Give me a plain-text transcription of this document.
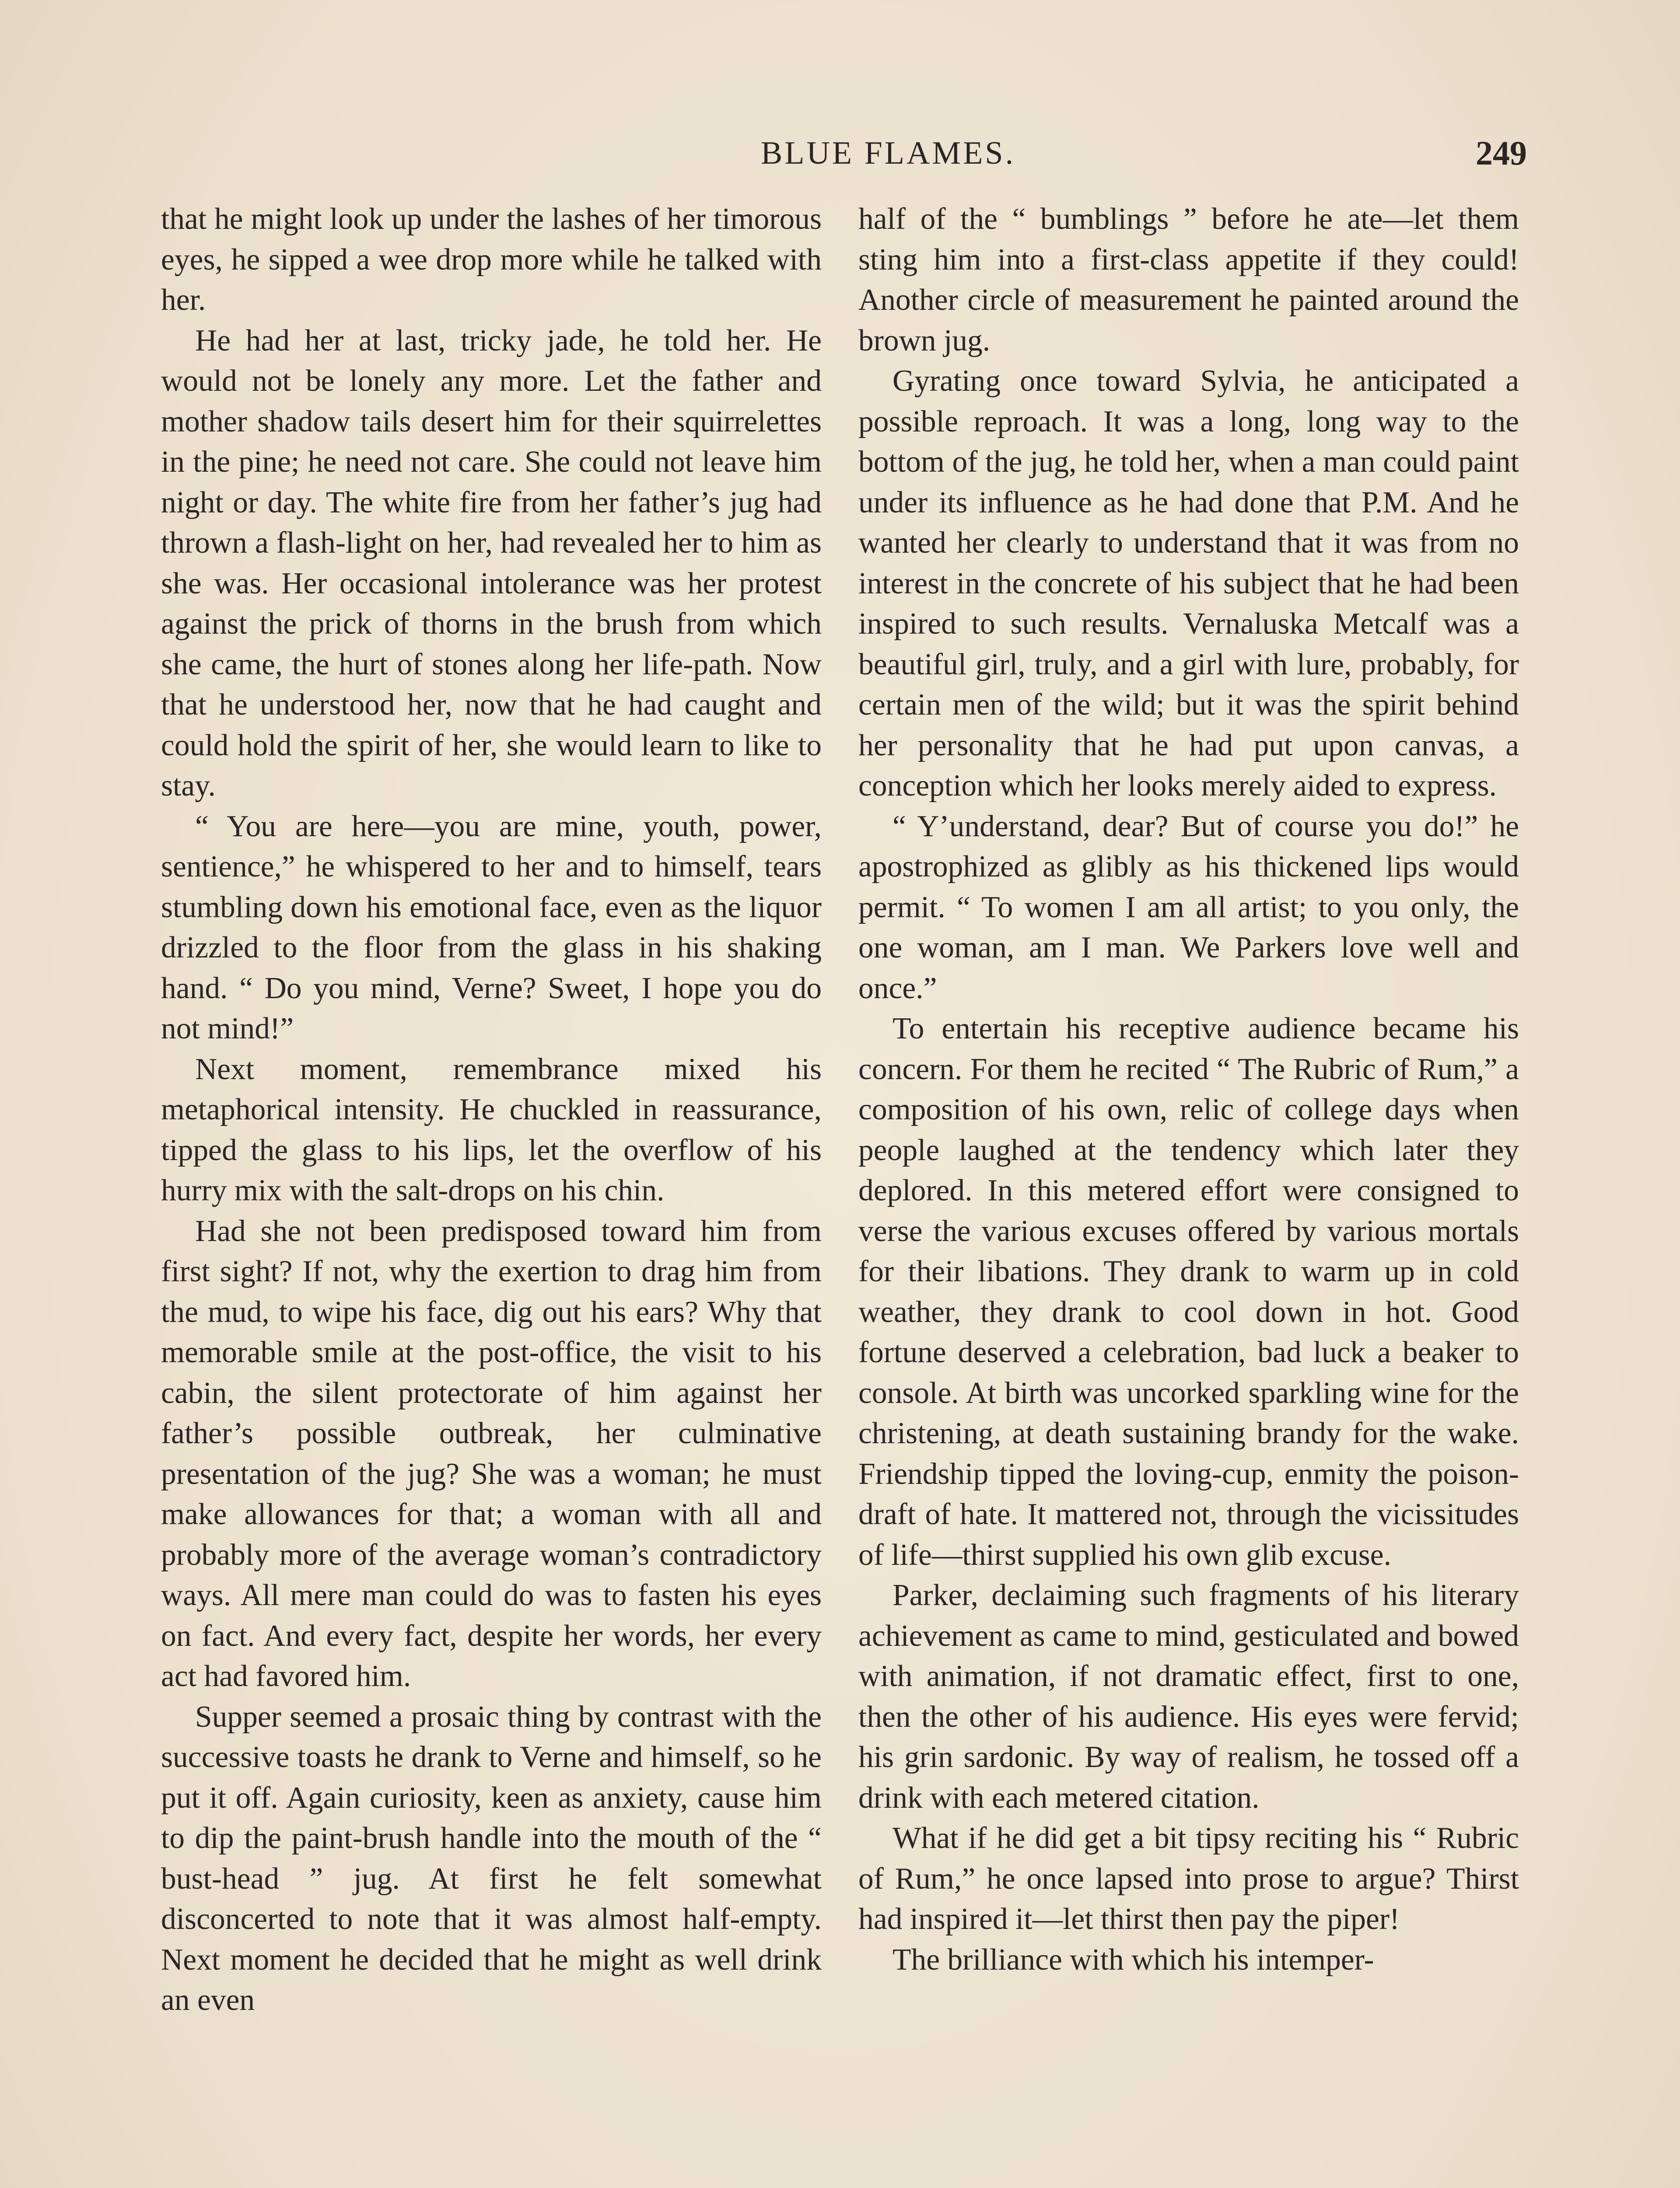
BLUE FLAMES.	249

that he might look up under the lashes of her timorous eyes, he sipped a wee drop more while he talked with her.

He had her at last, tricky jade, he told her. He would not be lonely any more. Let the father and mother shadow tails desert him for their squirrelettes in the pine; he need not care. She could not leave him night or day. The white fire from her father’s jug had thrown a flash-light on her, had revealed her to him as she was. Her occasional intolerance was her protest against the prick of thorns in the brush from which she came, the hurt of stones along her life-path. Now that he understood her, now that he had caught and could hold the spirit of her, she would learn to like to stay.

“ You are here—you are mine, youth, power, sentience,” he whispered to her and to himself, tears stumbling down his emotional face, even as the liquor drizzled to the floor from the glass in his shaking hand. “ Do you mind, Verne? Sweet, I hope you do not mind!”

Next moment, remembrance mixed his metaphorical intensity. He chuckled in reassurance, tipped the glass to his lips, let the overflow of his hurry mix with the salt-drops on his chin.

Had she not been predisposed toward him from first sight? If not, why the exertion to drag him from the mud, to wipe his face, dig out his ears? Why that memorable smile at the post-office, the visit to his cabin, the silent protectorate of him against her father’s possible outbreak, her culminative presentation of the jug? She was a woman; he must make allowances for that; a woman with all and probably more of the average woman’s contradictory ways. All mere man could do was to fasten his eyes on fact. And every fact, despite her words, her every act had favored him.

Supper seemed a prosaic thing by contrast with the successive toasts he drank to Verne and himself, so he put it off. Again curiosity, keen as anxiety, cause him to dip the paint-brush handle into the mouth of the “ bust-head ” jug. At first he felt somewhat disconcerted to note that it was almost half-empty. Next moment he decided that he might as well drink an even

half of the “ bumblings ” before he ate—let them sting him into a first-class appetite if they could! Another circle of measurement he painted around the brown jug.

Gyrating once toward Sylvia, he anticipated a possible reproach. It was a long, long way to the bottom of the jug, he told her, when a man could paint under its influence as he had done that P.M. And he wanted her clearly to understand that it was from no interest in the concrete of his subject that he had been inspired to such results. Vernaluska Metcalf was a beautiful girl, truly, and a girl with lure, probably, for certain men of the wild; but it was the spirit behind her personality that he had put upon canvas, a conception which her looks merely aided to express.

“ Y’understand, dear? But of course you do!” he apostrophized as glibly as his thickened lips would permit. “ To women I am all artist; to you only, the one woman, am I man. We Parkers love well and once.”

To entertain his receptive audience became his concern. For them he recited “ The Rubric of Rum,” a composition of his own, relic of college days when people laughed at the tendency which later they deplored. In this metered effort were consigned to verse the various excuses offered by various mortals for their libations. They drank to warm up in cold weather, they drank to cool down in hot. Good fortune deserved a celebration, bad luck a beaker to console. At birth was uncorked sparkling wine for the christening, at death sustaining brandy for the wake. Friendship tipped the loving-cup, enmity the poison-draft of hate. It mattered not, through the vicissitudes of life—thirst supplied his own glib excuse.

Parker, declaiming such fragments of his literary achievement as came to mind, gesticulated and bowed with animation, if not dramatic effect, first to one, then the other of his audience. His eyes were fervid; his grin sardonic. By way of realism, he tossed off a drink with each metered citation.

What if he did get a bit tipsy reciting his “ Rubric of Rum,” he once lapsed into prose to argue? Thirst had inspired it—let thirst then pay the piper!

The brilliance with which his intemper-
